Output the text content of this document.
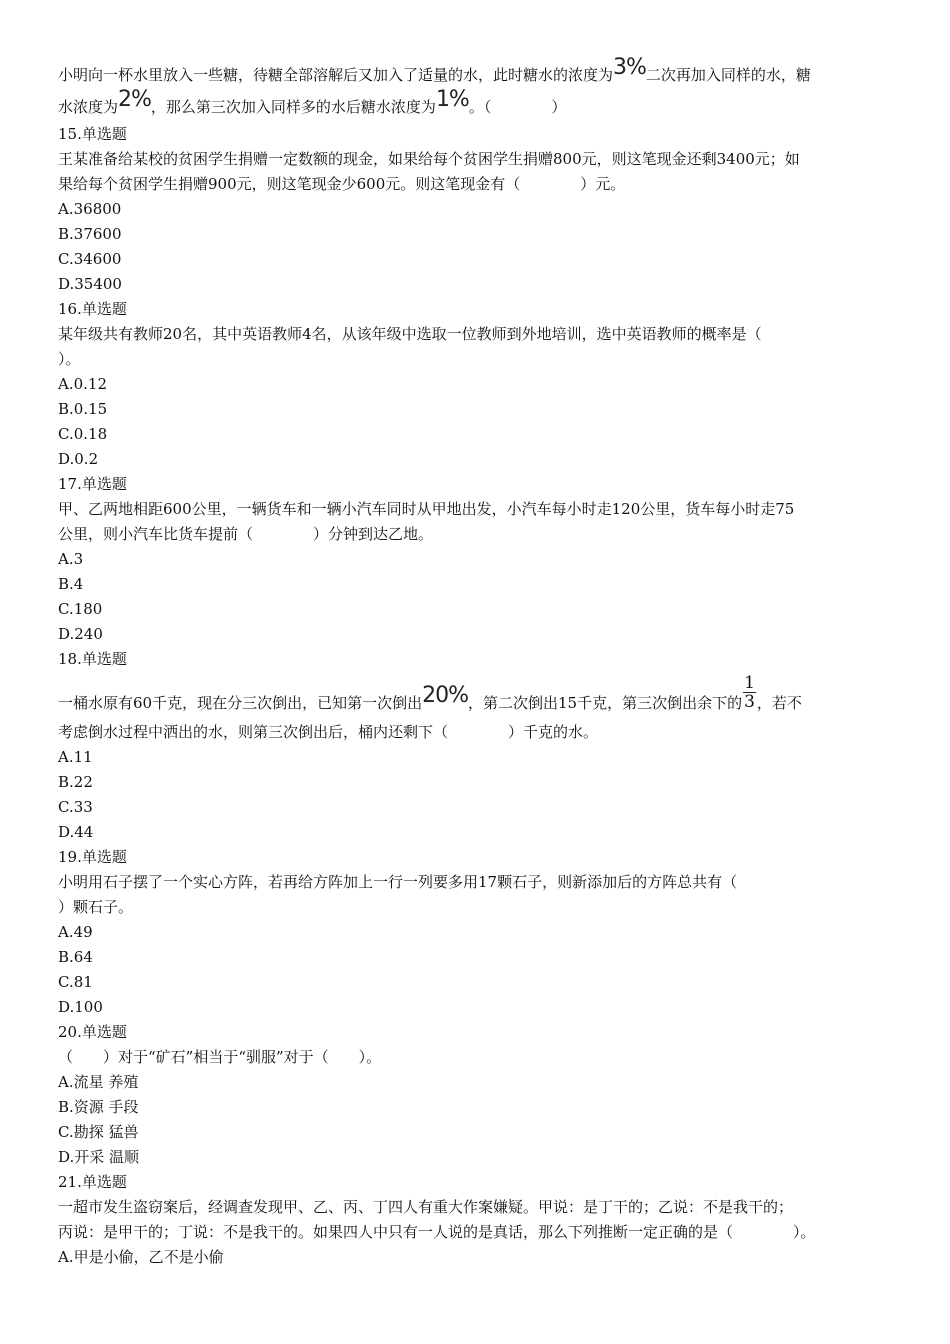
小明向一杯水里放入一些糖，待糖全部溶解后又加入了适量的水，此时糖水的浓度为3%二次再加入同样的水，糖
水浓度为2%，那么第三次加入同样多的水后糖水浓度为1%。（　　　　）
15.单选题
王某准备给某校的贫困学生捐赠一定数额的现金，如果给每个贫困学生捐赠800元，则这笔现金还剩3400元；如
果给每个贫困学生捐赠900元，则这笔现金少600元。则这笔现金有（　　　　）元。
A.36800
B.37600
C.34600
D.35400
16.单选题
某年级共有教师20名，其中英语教师4名，从该年级中选取一位教师到外地培训，选中英语教师的概率是（
）。
A.0.12
B.0.15
C.0.18
D.0.2
17.单选题
甲、乙两地相距600公里，一辆货车和一辆小汽车同时从甲地出发，小汽车每小时走120公里，货车每小时走75
公里，则小汽车比货车提前（　　　　）分钟到达乙地。
A.3
B.4
C.180
D.240
18.单选题
一桶水原有60千克，现在分三次倒出，已知第一次倒出20%，第二次倒出15千克，第三次倒出余下的 $\frac{1}{3}$ ，若不
考虑倒水过程中洒出的水，则第三次倒出后，桶内还剩下（　　　　）千克的水。
A.11
B.22
C.33
D.44
19.单选题
小明用石子摆了一个实心方阵，若再给方阵加上一行一列要多用17颗石子，则新添加后的方阵总共有（
）颗石子。
A.49
B.64
C.81
D.100
20.单选题
（　　）对于“矿石”相当于“驯服”对于（　　）。
A.流星 养殖
B.资源 手段
C.勘探 猛兽
D.开采 温顺
21.单选题
一超市发生盗窃案后，经调查发现甲、乙、丙、丁四人有重大作案嫌疑。甲说：是丁干的；乙说：不是我干的；
丙说：是甲干的；丁说：不是我干的。如果四人中只有一人说的是真话，那么下列推断一定正确的是（　　　　）。
A.甲是小偷，乙不是小偷
